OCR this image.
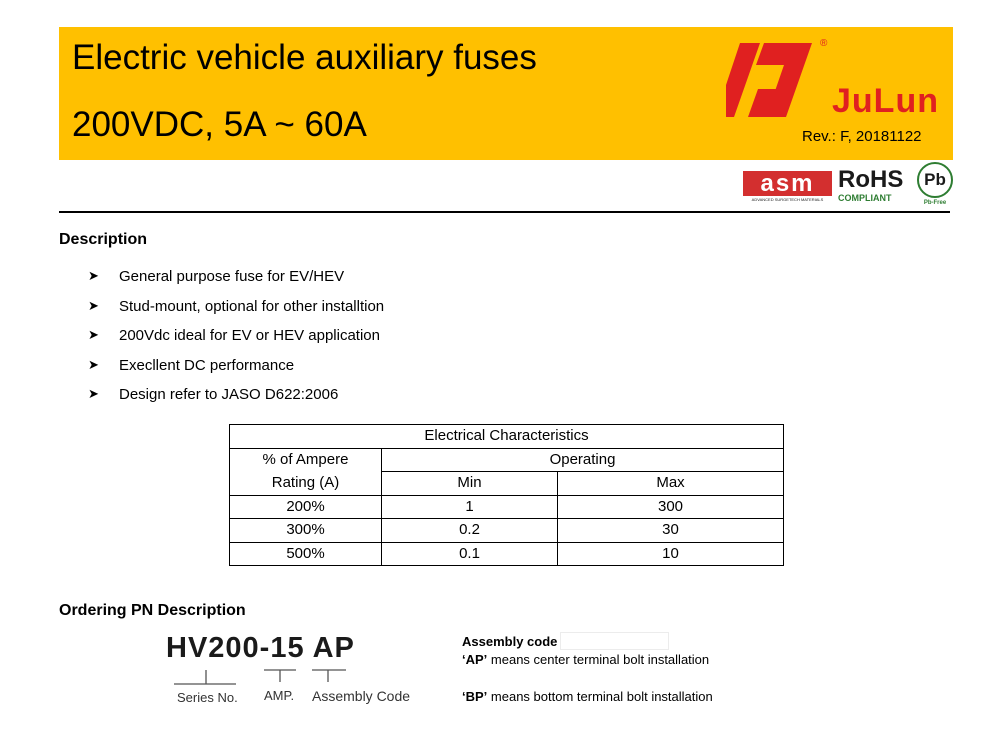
Electric vehicle auxiliary fuses
200VDC, 5A ~ 60A
®
JuLun
Rev.: F, 20181122
asm
ADVANCED SURGETECH MATERIALS
RoHS
COMPLIANT
Pb
Pb-Free
Description
➤	General purpose fuse for EV/HEV
➤	Stud-mount, optional for other installtion
➤	200Vdc ideal for EV or HEV application
➤	Execllent DC performance
➤	Design refer to JASO D622:2006
Electrical Characteristics		
% of Ampere	Operating	
Rating (A)	Min	Max
200%	1	300
300%	0.2	30
500%	0.1	10
Ordering PN Description
HV200-15 AP
Series No. AMP. Assembly Code
Assembly code
‘AP’ means center terminal bolt installation
‘BP’ means bottom terminal bolt installation
